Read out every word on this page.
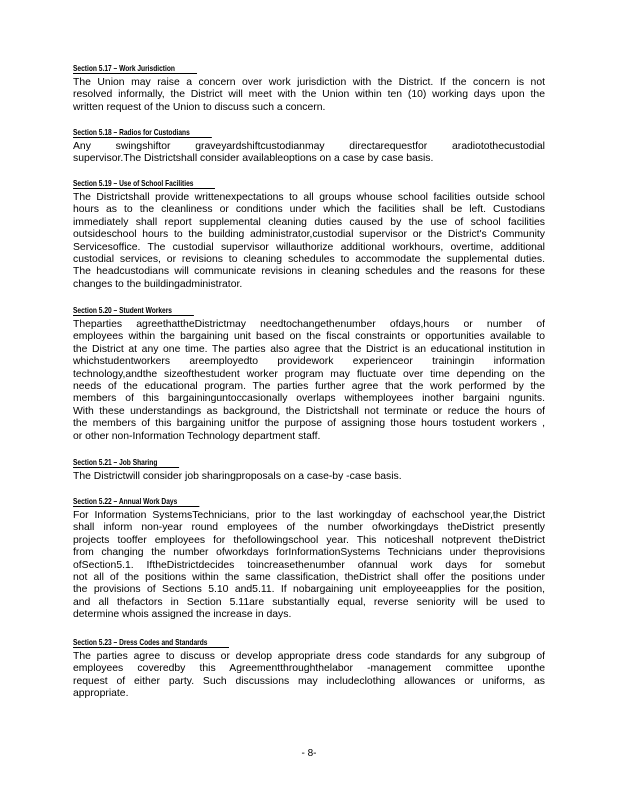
Section 5.17 – Work Jurisdiction
The Union may raise a concern over work jurisdiction with the District. If the concern is not
resolved informally, the District will meet with the Union within ten (10) working days upon the
written request of the Union to discuss such a concern.
Section 5.18 – Radios for Custodians
Any swingshiftor graveyardshiftcustodianmay directarequestfor aradiotothecustodial
supervisor.The Districtshall consider availableoptions on a case by case basis.
Section 5.19 – Use of School Facilities
The Districtshall provide writtenexpectations to all groups whouse school facilities outside school
hours as to the cleanliness or conditions under which the facilities shall be left. Custodians
immediately shall report supplemental cleaning duties caused by the use of school facilities
outsideschool hours to the building administrator,custodial supervisor or the District's Community
Servicesoffice. The custodial supervisor willauthorize additional workhours, overtime, additional
custodial services, or revisions to cleaning schedules to accommodate the supplemental duties.
The headcustodians will communicate revisions in cleaning schedules and the reasons for these
changes to the buildingadministrator.
Section 5.20 – Student Workers
Theparties agreethattheDistrictmay needtochangethenumber ofdays,hours or number of
employees within the bargaining unit based on the fiscal constraints or opportunities available to
the District at any one time. The parties also agree that the District is an educational institution in
whichstudentworkers areemployedto providework experienceor trainingin information
technology,andthe sizeofthestudent worker program may fluctuate over time depending on the
needs of the educational program. The parties further agree that the work performed by the
members of this bargaininguntoccasionally overlaps withemployees inother bargaini ngunits.
With these understandings as background, the Districtshall not terminate or reduce the hours of
the members of this bargaining unitfor the purpose of assigning those hours tostudent workers ,
or other non-Information Technology department staff.
Section 5.21 – Job Sharing
The Districtwill consider job sharingproposals on a case-by -case basis.
Section 5.22 – Annual Work Days
For Information SystemsTechnicians, prior to the last workingday of eachschool year,the District
shall inform non-year round employees of the number ofworkingdays theDistrict presently
projects tooffer employees for thefollowingschool year. This noticeshall notprevent theDistrict
from changing the number ofworkdays forInformationSystems Technicians under theprovisions
ofSection5.1. IftheDistrictdecides toincreasethenumber ofannual work days for somebut
not all of the positions within the same classification, theDistrict shall offer the positions under
the provisions of Sections 5.10 and5.11. If nobargaining unit employeeapplies for the position,
and all thefactors in Section 5.11are substantially equal, reverse seniority will be used to
determine whois assigned the increase in days.
Section 5.23 – Dress Codes and Standards
The parties agree to discuss or develop appropriate dress code standards for any subgroup of
employees coveredby this Agreementthroughthelabor -management committee uponthe
request of either party. Such discussions may includeclothing allowances or uniforms, as
appropriate.
- 8-
